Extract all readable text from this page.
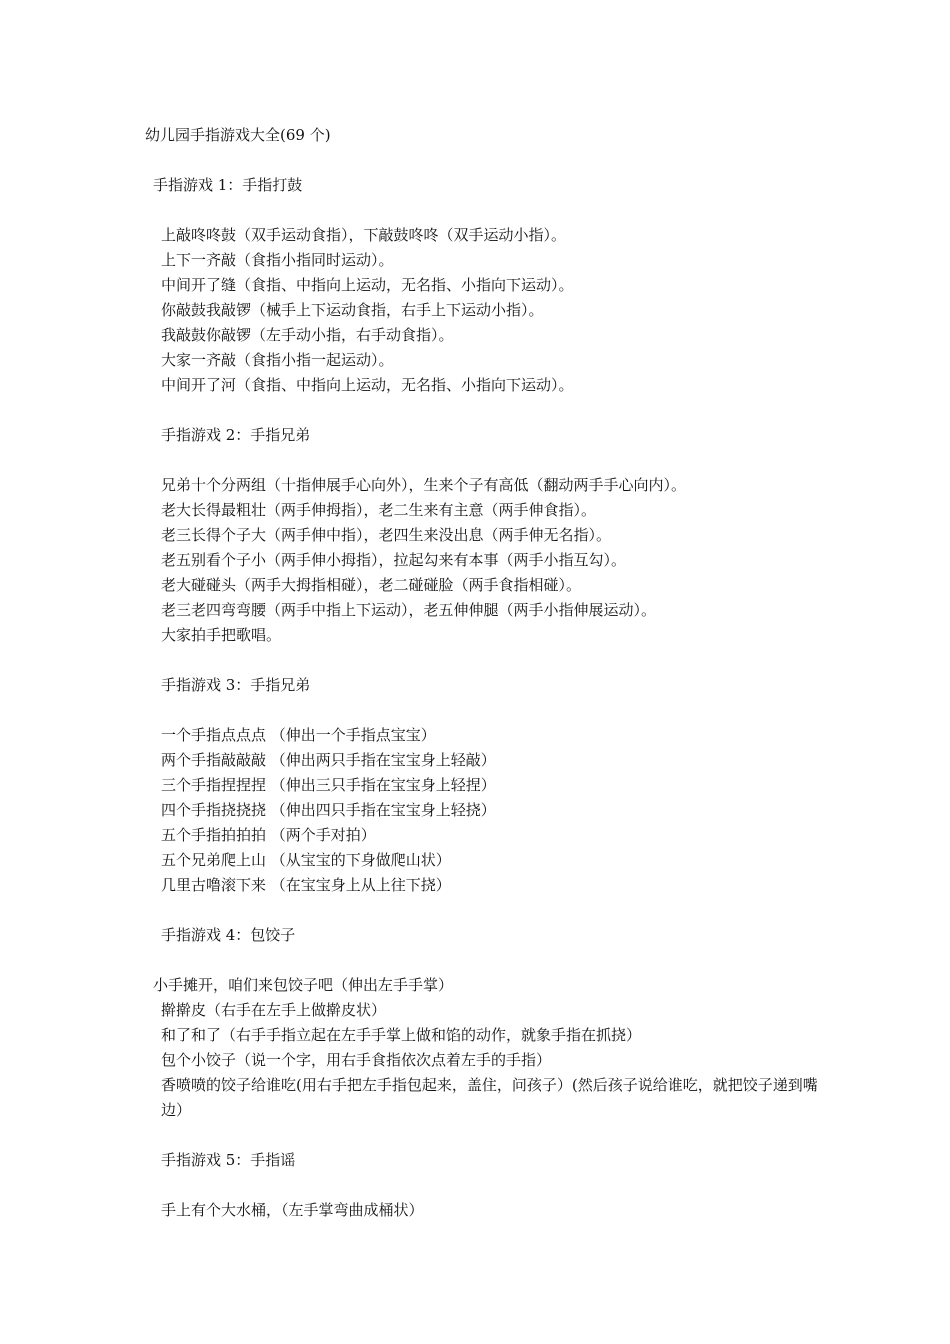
幼儿园手指游戏大全(69 个)
手指游戏 1：手指打鼓
上敲咚咚鼓（双手运动食指），下敲鼓咚咚（双手运动小指）。
上下一齐敲（食指小指同时运动）。
中间开了缝（食指、中指向上运动，无名指、小指向下运动）。
你敲鼓我敲锣（械手上下运动食指，右手上下运动小指）。
我敲鼓你敲锣（左手动小指，右手动食指）。
大家一齐敲（食指小指一起运动）。
中间开了河（食指、中指向上运动，无名指、小指向下运动）。
手指游戏 2：手指兄弟
兄弟十个分两组（十指伸展手心向外），生来个子有高低（翻动两手手心向内）。
老大长得最粗壮（两手伸拇指），老二生来有主意（两手伸食指）。
老三长得个子大（两手伸中指），老四生来没出息（两手伸无名指）。
老五别看个子小（两手伸小拇指），拉起勾来有本事（两手小指互勾）。
老大碰碰头（两手大拇指相碰），老二碰碰脸（两手食指相碰）。
老三老四弯弯腰（两手中指上下运动），老五伸伸腿（两手小指伸展运动）。
大家拍手把歌唱。
手指游戏 3：手指兄弟
一个手指点点点 （伸出一个手指点宝宝）
两个手指敲敲敲 （伸出两只手指在宝宝身上轻敲）
三个手指捏捏捏 （伸出三只手指在宝宝身上轻捏）
四个手指挠挠挠 （伸出四只手指在宝宝身上轻挠）
五个手指拍拍拍 （两个手对拍）
五个兄弟爬上山 （从宝宝的下身做爬山状）
几里古噜滚下来 （在宝宝身上从上往下挠）
手指游戏 4：包饺子
小手摊开，咱们来包饺子吧（伸出左手手掌）
擀擀皮（右手在左手上做擀皮状）
和了和了（右手手指立起在左手手掌上做和馅的动作，就象手指在抓挠）
包个小饺子（说一个字，用右手食指依次点着左手的手指）
香喷喷的饺子给谁吃(用右手把左手指包起来，盖住，问孩子）(然后孩子说给谁吃，就把饺子递到嘴边）
手指游戏 5：手指谣
手上有个大水桶，（左手掌弯曲成桶状）
